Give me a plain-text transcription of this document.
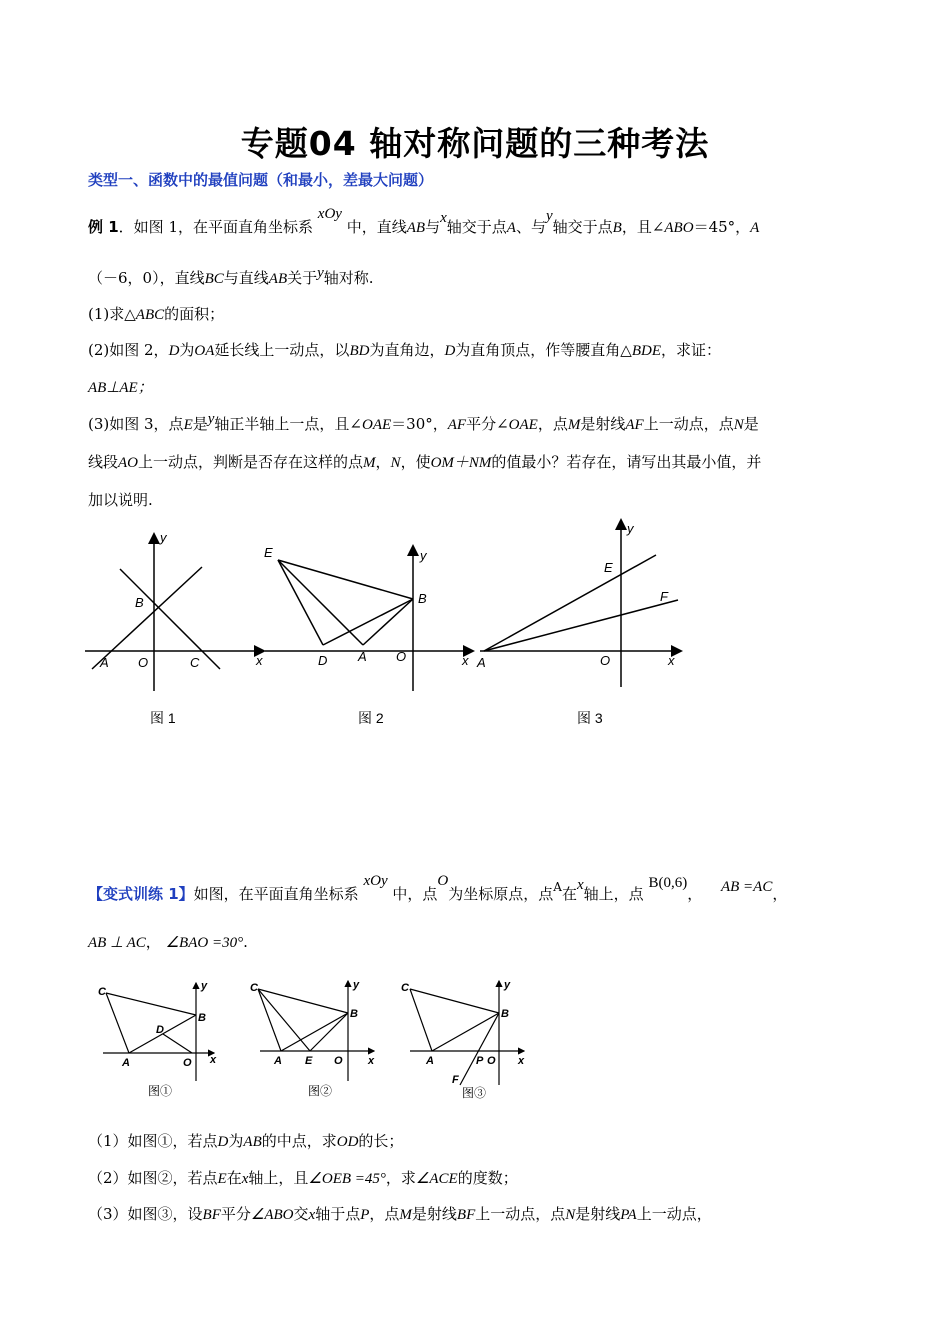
专题04 轴对称问题的三种考法
类型一、函数中的最值问题（和最小，差最大问题）
例 1．如图 1，在平面直角坐标系 xOy 中，直线AB与x轴交于点A、与y轴交于点B，且∠ABO＝45°，A
（－6，0），直线BC与直线AB关于y轴对称.
(1)求△ABC的面积；
(2)如图 2，D为OA延长线上一动点，以BD为直角边，D为直角顶点，作等腰直角△BDE，求证：
AB⊥AE；
(3)如图 3，点E是y轴正半轴上一点，且∠OAE＝30°，AF平分∠OAE，点M是射线AF上一动点，点N是
线段AO上一动点，判断是否存在这样的点M，N，使OM＋NM的值最小？若存在，请写出其最小值，并
加以说明.
y
x
B
A O	C
图 1
y
x
E
B
D A O
图 2
y
x
E
F
A	O
图 3
【变式训练 1】如图，在平面直角坐标系 xOy 中，点O为坐标原点，点$^A$在x轴上，点 B(0,6)， AB =AC，
AB ⊥ AC， ∠BAO =30°.
C	y
B
D
A	O x
图①
C	y
B
A E O x
图②
C	y
B
A	P O x
F
图③
（1）如图①，若点D为AB的中点，求OD的长；
（2）如图②，若点E在x轴上，且∠OEB =45°，求∠ACE的度数；
（3）如图③，设BF平分∠ABO交x轴于点P，点M是射线BF上一动点，点N是射线PA上一动点，
